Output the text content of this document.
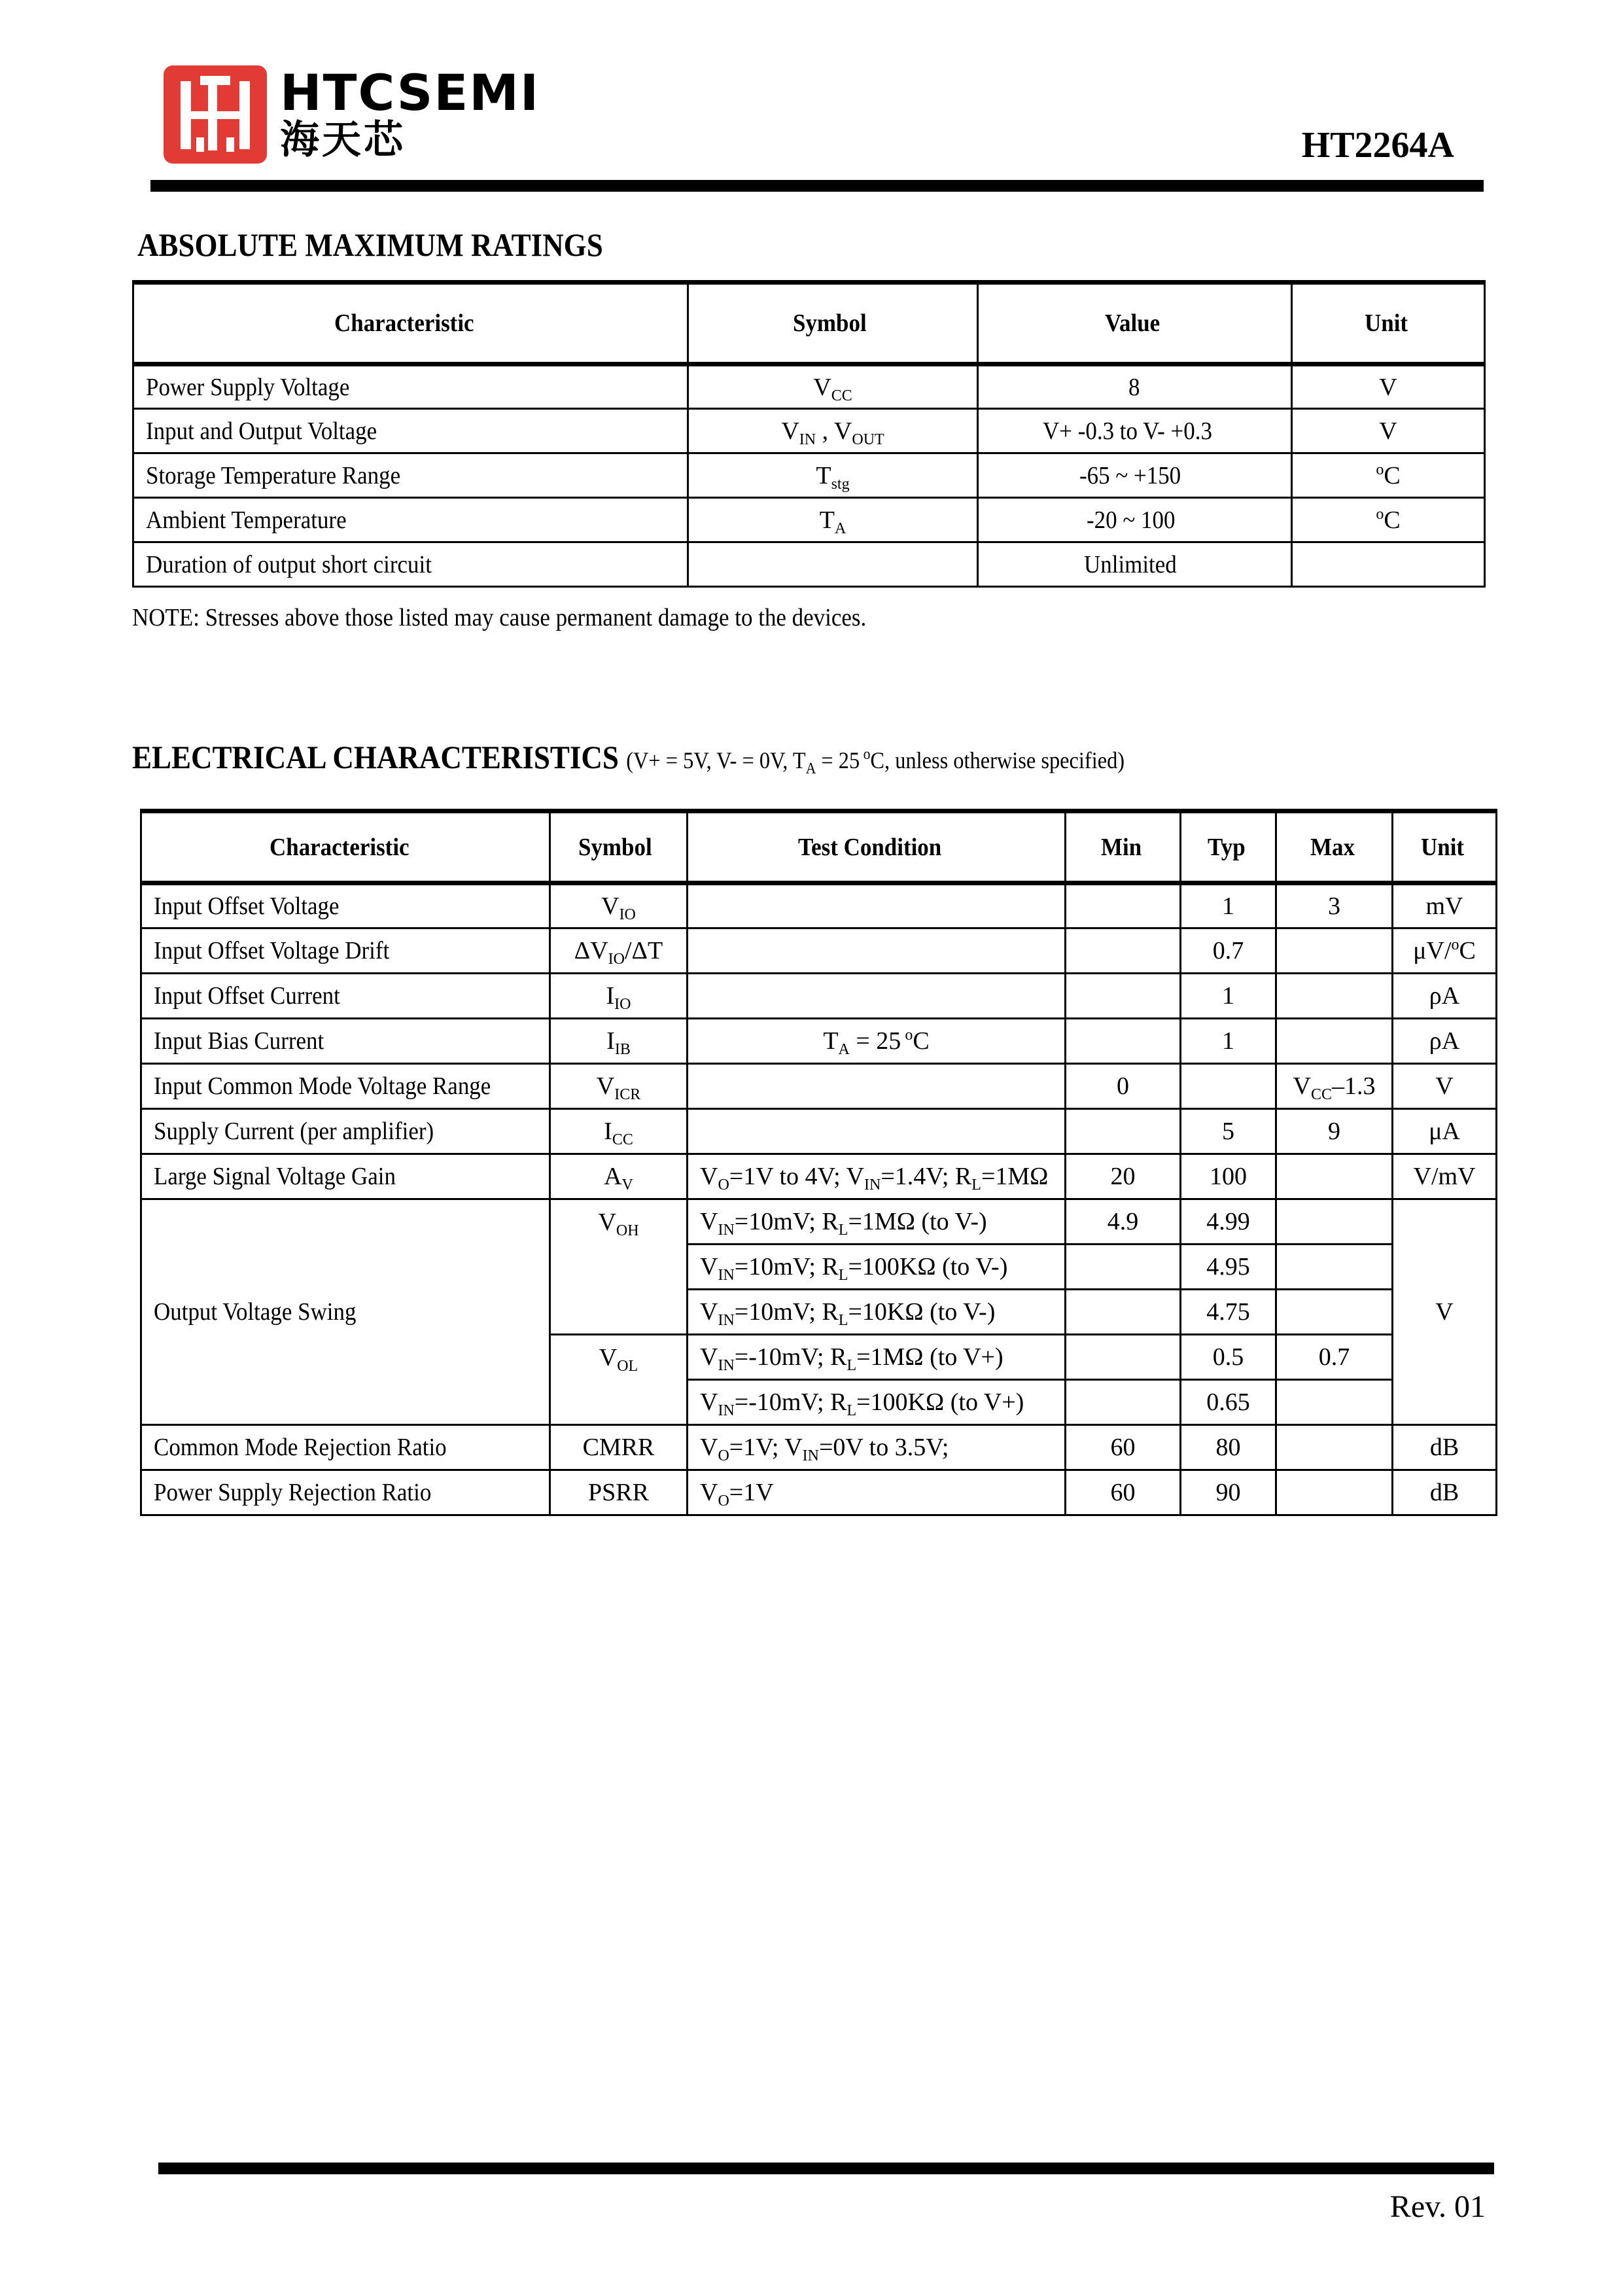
HTCSEMI
海天芯	HT2264A
ABSOLUTE MAXIMUM RATINGS
Characteristic	Symbol	Value	Unit
Power Supply Voltage	$V_{CC}$	8	V
Input and Output Voltage	$V_{IN}$ , $V_{OUT}$	V+ -0.3 to V- +0.3	V
Storage Temperature Range	$T_{stg}$	-65 ~ +150	$^o$C
Ambient Temperature	$T_A$	-20 ~ 100	$^o$C
Duration of output short circuit		Unlimited	
NOTE: Stresses above those listed may cause permanent damage to the devices.
ELECTRICAL CHARACTERISTICS (V+ = 5V, V- = 0V, $T_A = 25$ $^o$C, unless otherwise specified)
Characteristic	Symbol	Test Condition	Min	Typ	Max	Unit
Input Offset Voltage	$V_{IO}$			1	3	mV
Input Offset Voltage Drift	$\Delta V_{IO}/\Delta T$			0.7		μV/$^o$C
Input Offset Current	$I_{IO}$			1		ρA
Input Bias Current	$I_{IB}$	$T_A = 25$ $^o$C		1		ρA
Input Common Mode Voltage Range	$V_{ICR}$		0		$V_{CC}-1.3$	V
Supply Current (per amplifier)	$I_{CC}$			5	9	μA
Large Signal Voltage Gain	$A_V$	$V_O=1V$ to 4V; $V_{IN}=1.4V$; $R_L=1M\Omega$	20	100		V/mV
Output Voltage Swing	$V_{OH}$	$V_{IN}=10mV$; $R_L=1M\Omega$ (to V-)	4.9	4.99		V
		$V_{IN}=10mV$; $R_L=100K\Omega$ (to V-)		4.95		
		$V_{IN}=10mV$; $R_L=10K\Omega$ (to V-)		4.75		
	$V_{OL}$	$V_{IN}=-10mV$; $R_L=1M\Omega$ (to V+)		0.5	0.7	
		$V_{IN}=-10mV$; $R_L=100K\Omega$ (to V+)		0.65		
Common Mode Rejection Ratio	CMRR	$V_O=1V$; $V_{IN}=0V$ to 3.5V;	60	80		dB
Power Supply Rejection Ratio	PSRR	$V_O=1V$	60	90		dB
Rev. 01
